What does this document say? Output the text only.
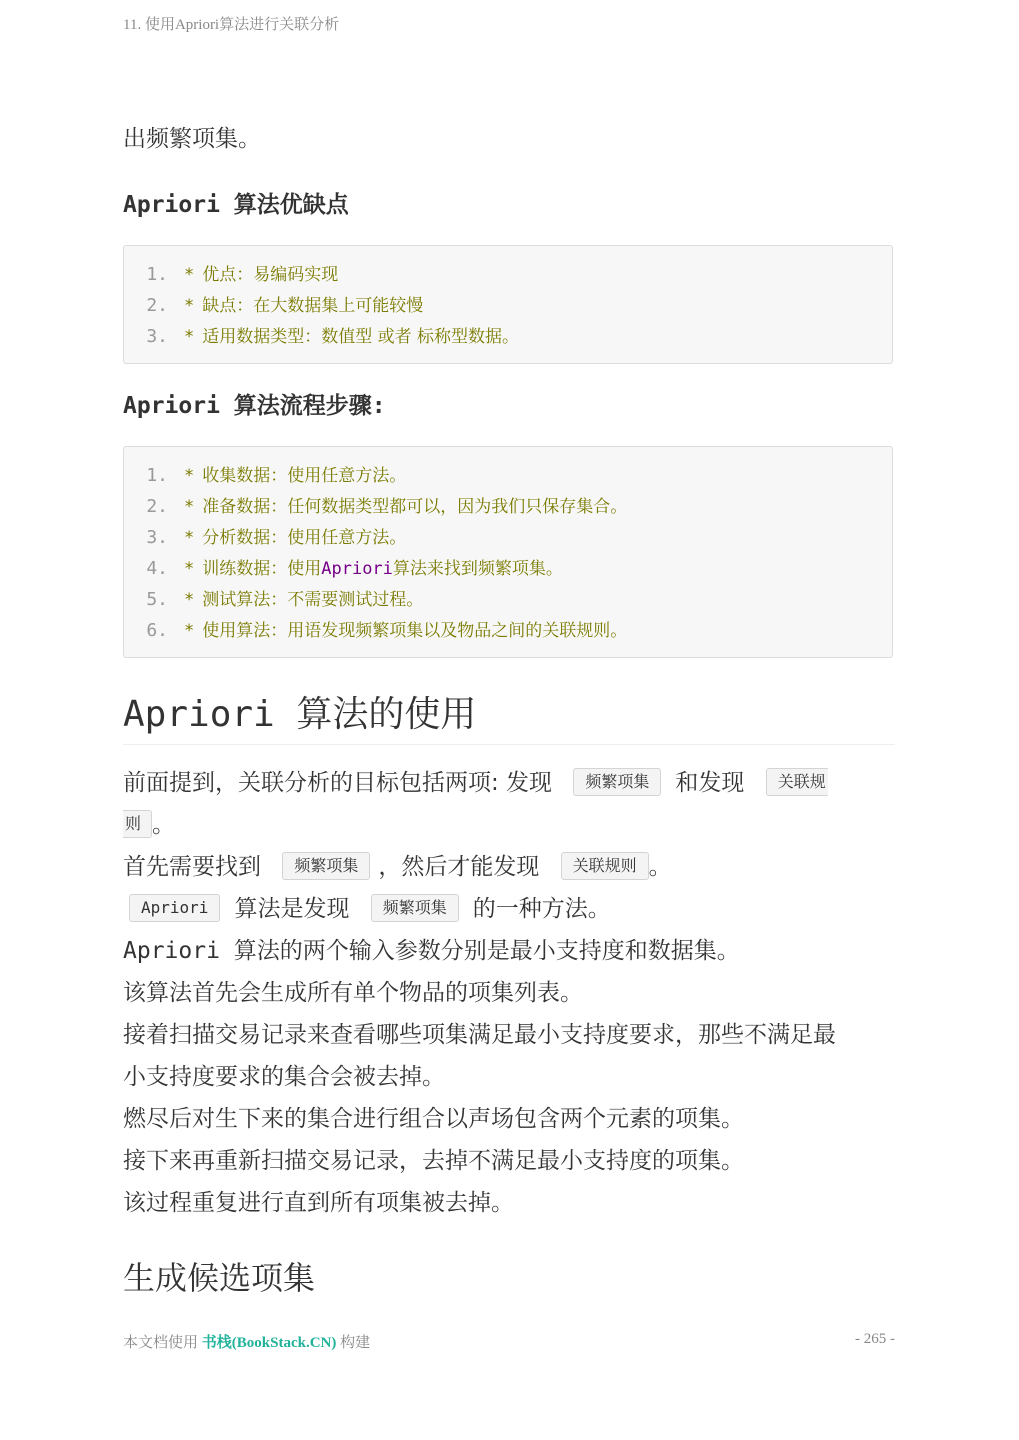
11. 使用Apriori算法进行关联分析

出频繁项集。

Apriori 算法优缺点
1. * 优点：易编码实现
2. * 缺点：在大数据集上可能较慢
3. * 适用数据类型：数值型 或者 标称型数据。
Apriori 算法流程步骤:
1. * 收集数据：使用任意方法。
2. * 准备数据：任何数据类型都可以，因为我们只保存集合。
3. * 分析数据：使用任意方法。
4. * 训练数据：使用Apriori算法来找到频繁项集。
5. * 测试算法：不需要测试过程。
6. * 使用算法：用语发现频繁项集以及物品之间的关联规则。
Apriori 算法的使用

前面提到，关联分析的目标包括两项: 发现 频繁项集 和发现 关联规

则 。

首先需要找到 频繁项集 ，然后才能发现 关联规则 。

Apriori 算法是发现 频繁项集 的一种方法。

Apriori 算法的两个输入参数分别是最小支持度和数据集。

该算法首先会生成所有单个物品的项集列表。

接着扫描交易记录来查看哪些项集满足最小支持度要求，那些不满足最

小支持度要求的集合会被去掉。

燃尽后对生下来的集合进行组合以声场包含两个元素的项集。

接下来再重新扫描交易记录，去掉不满足最小支持度的项集。

该过程重复进行直到所有项集被去掉。

生成候选项集
本文档使用 书栈(BookStack.CN) 构建	- 265 -
